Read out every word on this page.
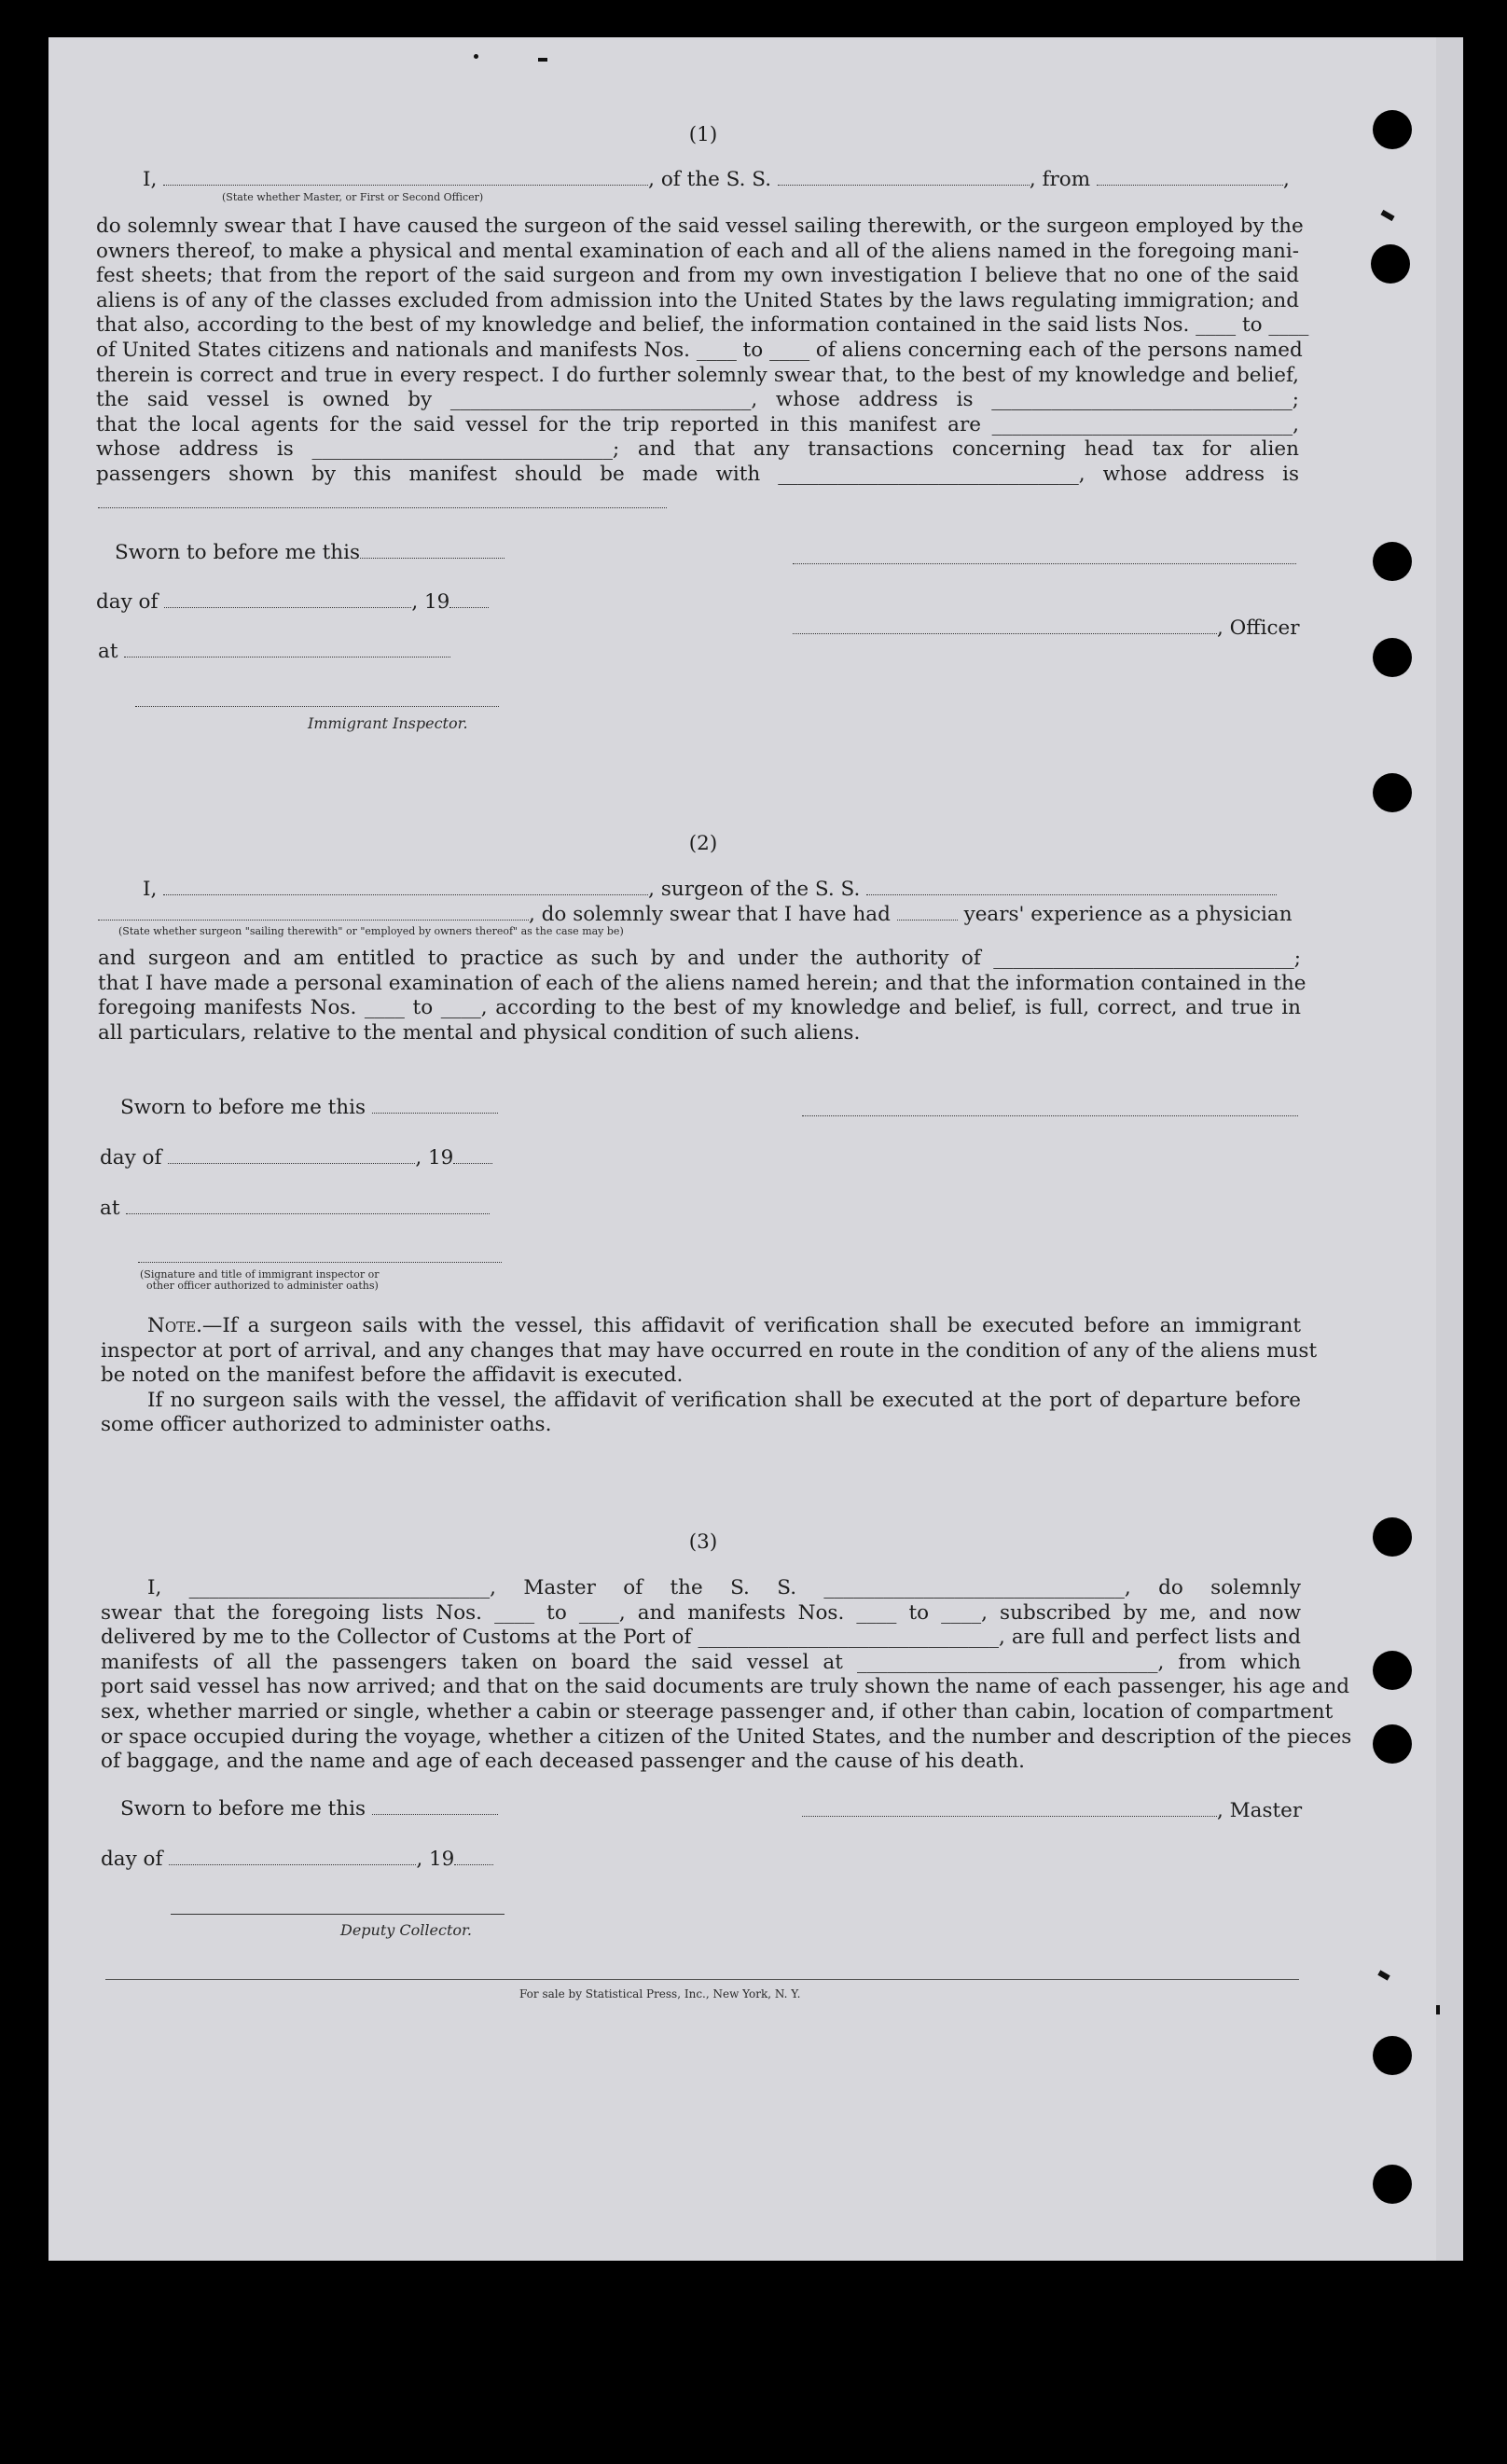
(1)
I,	, of the S. S.	, from	,
(State whether Master, or First or Second Officer)
do solemnly swear that I have caused the surgeon of the said vessel sailing therewith, or the surgeon employed by the
owners thereof, to make a physical and mental examination of each and all of the aliens named in the foregoing mani-
fest sheets; that from the report of the said surgeon and from my own investigation I believe that no one of the said
aliens is of any of the classes excluded from admission into the United States by the laws regulating immigration; and
that also, according to the best of my knowledge and belief, the information contained in the said lists Nos. ____ to ____
of United States citizens and nationals and manifests Nos. ____ to ____ of aliens concerning each of the persons named
therein is correct and true in every respect. I do further solemnly swear that, to the best of my knowledge and belief,
the said vessel is owned by ______________________________, whose address is ______________________________;
that the local agents for the said vessel for the trip reported in this manifest are ______________________________,
whose address is ______________________________; and that any transactions concerning head tax for alien
passengers shown by this manifest should be made with ______________________________, whose address is
Sworn to before me this
day of	, 19
at
Immigrant Inspector.
, Officer
(2)
I,	, surgeon of the S. S.
, do solemnly swear that I have had	years' experience as a physician
(State whether surgeon "sailing therewith" or "employed by owners thereof" as the case may be)
and surgeon and am entitled to practice as such by and under the authority of ______________________________;
that I have made a personal examination of each of the aliens named herein; and that the information contained in the
foregoing manifests Nos. ____ to ____, according to the best of my knowledge and belief, is full, correct, and true in
all particulars, relative to the mental and physical condition of such aliens.
Sworn to before me this
day of	, 19
at
(Signature and title of immigrant inspector or
other officer authorized to administer oaths)
Note.—If a surgeon sails with the vessel, this affidavit of verification shall be executed before an immigrant
inspector at port of arrival, and any changes that may have occurred en route in the condition of any of the aliens must
be noted on the manifest before the affidavit is executed.
If no surgeon sails with the vessel, the affidavit of verification shall be executed at the port of departure before
some officer authorized to administer oaths.
(3)
I, ______________________________, Master of the S. S. ______________________________, do solemnly
swear that the foregoing lists Nos. ____ to ____, and manifests Nos. ____ to ____, subscribed by me, and now
delivered by me to the Collector of Customs at the Port of ______________________________, are full and perfect lists and
manifests of all the passengers taken on board the said vessel at ______________________________, from which
port said vessel has now arrived; and that on the said documents are truly shown the name of each passenger, his age and
sex, whether married or single, whether a cabin or steerage passenger and, if other than cabin, location of compartment
or space occupied during the voyage, whether a citizen of the United States, and the number and description of the pieces
of baggage, and the name and age of each deceased passenger and the cause of his death.
Sworn to before me this	, Master
day of	, 19
Deputy Collector.
For sale by Statistical Press, Inc., New York, N. Y.
